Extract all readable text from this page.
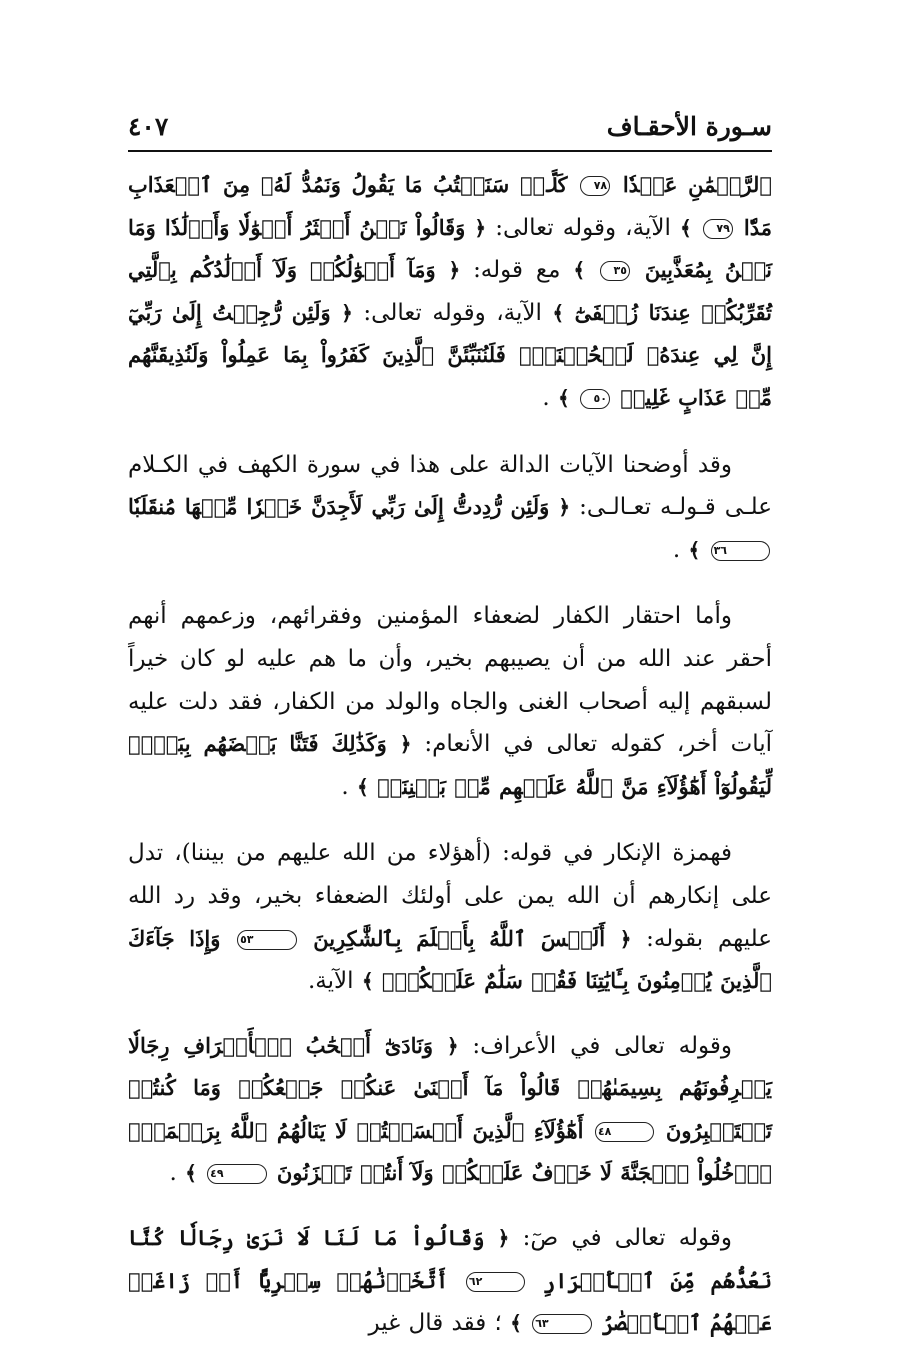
سـورة الأحقـاف
٤٠٧

ٱلرَّحۡمَٰنِ عَهۡدٗا ٧٨ كَلَّاۚ سَنَكۡتُبُ مَا يَقُولُ وَنَمُدُّ لَهُۥ مِنَ ٱلۡعَذَابِ مَدّٗا ٧٩ ﴾ الآية، وقوله تعالى: ﴿ وَقَالُواْ نَحۡنُ أَكۡثَرُ أَمۡوَٰلٗا وَأَوۡلَٰدٗا وَمَا نَحۡنُ بِمُعَذَّبِينَ ٣٥ ﴾ مع قوله: ﴿ وَمَآ أَمۡوَٰلُكُمۡ وَلَآ أَوۡلَٰدُكُم بِٱلَّتِي تُقَرِّبُكُمۡ عِندَنَا زُلۡفَىٰٓ ﴾ الآية، وقوله تعالى: ﴿ وَلَئِن رُّجِعۡتُ إِلَىٰ رَبِّيٓ إِنَّ لِي عِندَهُۥ لَلۡحُسۡنَىٰۚ فَلَنُنَبِّئَنَّ ٱلَّذِينَ كَفَرُواْ بِمَا عَمِلُواْ وَلَنُذِيقَنَّهُم مِّنۡ عَذَابٍ غَلِيظٖ ٥٠ ﴾ .

وقد أوضحنا الآيات الدالة على هذا في سورة الكهف في الكـلام علـى قـولـه تعـالـى: ﴿ وَلَئِن رُّدِدتُّ إِلَىٰ رَبِّي لَأَجِدَنَّ خَيۡرٗا مِّنۡهَا مُنقَلَبٗا ٣٦ ﴾ .

وأما احتقار الكفار لضعفاء المؤمنين وفقرائهم، وزعمهم أنهم أحقر عند الله من أن يصيبهم بخير، وأن ما هم عليه لو كان خيراً لسبقهم إليه أصحاب الغنى والجاه والولد من الكفار، فقد دلت عليه آيات أخر، كقوله تعالى في الأنعام: ﴿ وَكَذَٰلِكَ فَتَنَّا بَعۡضَهُم بِبَعۡضٖ لِّيَقُولُوٓاْ أَهَٰٓؤُلَآءِ مَنَّ ٱللَّهُ عَلَيۡهِم مِّنۢ بَيۡنِنَآۗ ﴾ .

فهمزة الإنكار في قوله: (أهؤلاء من الله عليهم من بيننا)، تدل على إنكارهم أن الله يمن على أولئك الضعفاء بخير، وقد رد الله عليهم بقوله: ﴿ أَلَيۡسَ ٱللَّهُ بِأَعۡلَمَ بِٱلشَّٰكِرِينَ ٥٣ وَإِذَا جَآءَكَ ٱلَّذِينَ يُؤۡمِنُونَ بِـَٔايَٰتِنَا فَقُلۡ سَلَٰمٌ عَلَيۡكُمۡۖ ﴾ الآية.

وقوله تعالى في الأعراف: ﴿ وَنَادَىٰٓ أَصۡحَٰبُ ٱلۡأَعۡرَافِ رِجَالٗا يَعۡرِفُونَهُم بِسِيمَىٰهُمۡ قَالُواْ مَآ أَغۡنَىٰ عَنكُمۡ جَمۡعُكُمۡ وَمَا كُنتُمۡ تَسۡتَكۡبِرُونَ ٤٨ أَهَٰٓؤُلَآءِ ٱلَّذِينَ أَقۡسَمۡتُمۡ لَا يَنَالُهُمُ ٱللَّهُ بِرَحۡمَةٍۚ ٱدۡخُلُواْ ٱلۡجَنَّةَ لَا خَوۡفٌ عَلَيۡكُمۡ وَلَآ أَنتُمۡ تَحۡزَنُونَ ٤٩ ﴾ .

وقوله تعالى في صٓ: ﴿ وَقَالُواْ مَا لَنَا لَا نَرَىٰ رِجَالٗا كُنَّا نَعُدُّهُم مِّنَ ٱلۡأَشۡرَارِ ٦٢ أَتَّخَذۡنَٰهُمۡ سِخۡرِيًّا أَمۡ زَاغَتۡ عَنۡهُمُ ٱلۡأَبۡصَٰرُ ٦٣ ﴾ ؛ فقد قال غير
